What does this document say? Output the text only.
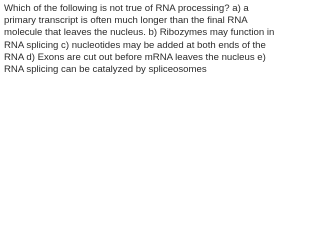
Which of the following is not true of RNA processing? a) a
primary transcript is often much longer than the final RNA
molecule that leaves the nucleus. b) Ribozymes may function in
RNA splicing c) nucleotides may be added at both ends of the
RNA d) Exons are cut out before mRNA leaves the nucleus e)
RNA splicing can be catalyzed by spliceosomes
